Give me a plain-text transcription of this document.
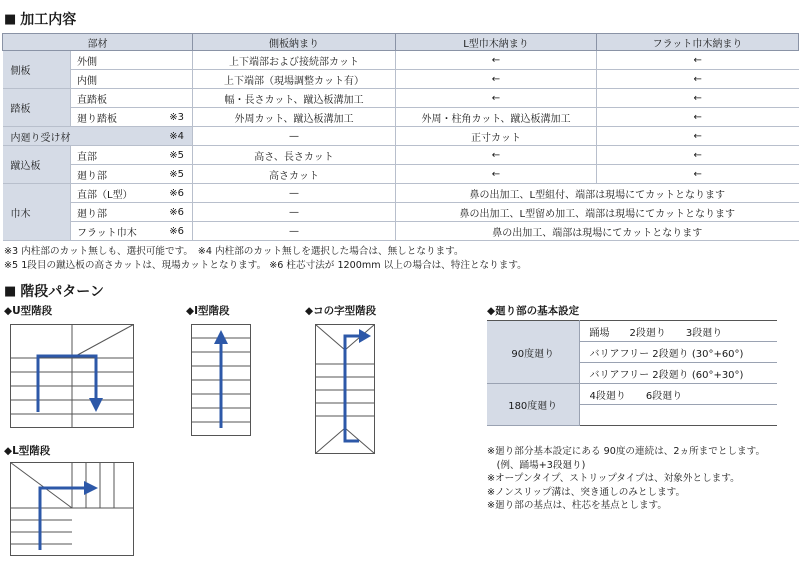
■ 加工内容
部材			側板納まり	L型巾木納まり	フラット巾木納まり
側板	外側		上下端部および接続部カット	←	←
	内側		上下端部（現場調整カット有）	←	←
踏板	直踏板		幅・長さカット、蹴込板溝加工	←	←
	廻り踏板	※3	外周カット、蹴込板溝加工	外周・柱角カット、蹴込板溝加工	←
内廻り受け材		※4	—	正寸カット	←
蹴込板	直部	※5	高さ、長さカット	←	←
	廻り部	※5	高さカット	←	←
巾木	直部（L型）	※6	—	鼻の出加工、L型組付、端部は現場にてカットとなります	
	廻り部	※6	—	鼻の出加工、L型留め加工、端部は現場にてカットとなります	
	フラット巾木	※6	—	鼻の出加工、端部は現場にてカットとなります	
※3 内柱部のカット無しも、選択可能です。　※4 内柱部のカット無しを選択した場合は、無しとなります。
※5 1段目の蹴込板の高さカットは、現場カットとなります。 ※6 柱芯寸法が 1200mm 以上の場合は、特注となります。
■ 階段パターン
◆U型階段	◆I型階段	◆コの字型階段
◆L型階段
◆廻り部の基本設定
90度廻り	踊場　　2段廻り　　3段廻り
	バリアフリー 2段廻り (30°+60°)
	バリアフリー 2段廻り (60°+30°)
180度廻り	4段廻り　　6段廻り

※廻り部分基本設定にある 90度の連続は、2ヵ所までとします。
　(例、踊場+3段廻り)
※オープンタイプ、ストリップタイプは、対象外とします。
※ノンスリップ溝は、突き通しのみとします。
※廻り部の基点は、柱芯を基点とします。
